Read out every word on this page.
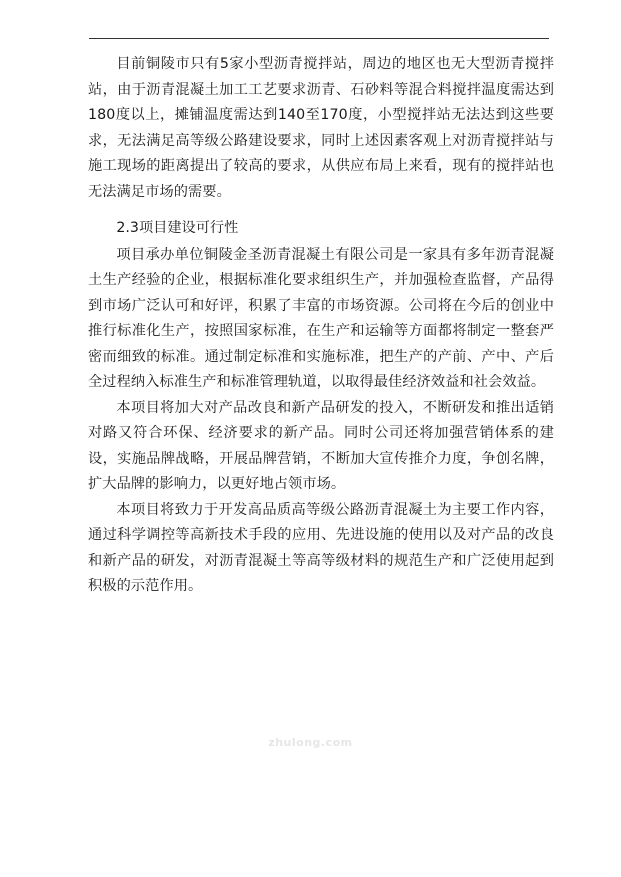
目前铜陵市只有5家小型沥青搅拌站，周边的地区也无大型沥青搅拌站，由于沥青混凝土加工工艺要求沥青、石砂料等混合料搅拌温度需达到180度以上，摊铺温度需达到140至170度，小型搅拌站无法达到这些要求，无法满足高等级公路建设要求，同时上述因素客观上对沥青搅拌站与施工现场的距离提出了较高的要求，从供应布局上来看，现有的搅拌站也无法满足市场的需要。

2.3项目建设可行性

项目承办单位铜陵金圣沥青混凝土有限公司是一家具有多年沥青混凝土生产经验的企业，根据标准化要求组织生产，并加强检查监督，产品得到市场广泛认可和好评，积累了丰富的市场资源。公司将在今后的创业中推行标准化生产，按照国家标准，在生产和运输等方面都将制定一整套严密而细致的标准。通过制定标准和实施标准，把生产的产前、产中、产后全过程纳入标准生产和标准管理轨道，以取得最佳经济效益和社会效益。

本项目将加大对产品改良和新产品研发的投入，不断研发和推出适销对路又符合环保、经济要求的新产品。同时公司还将加强营销体系的建设，实施品牌战略，开展品牌营销，不断加大宣传推介力度，争创名牌，扩大品牌的影响力，以更好地占领市场。

本项目将致力于开发高品质高等级公路沥青混凝土为主要工作内容，通过科学调控等高新技术手段的应用、先进设施的使用以及对产品的改良和新产品的研发，对沥青混凝土等高等级材料的规范生产和广泛使用起到积极的示范作用。

zhulong.com
